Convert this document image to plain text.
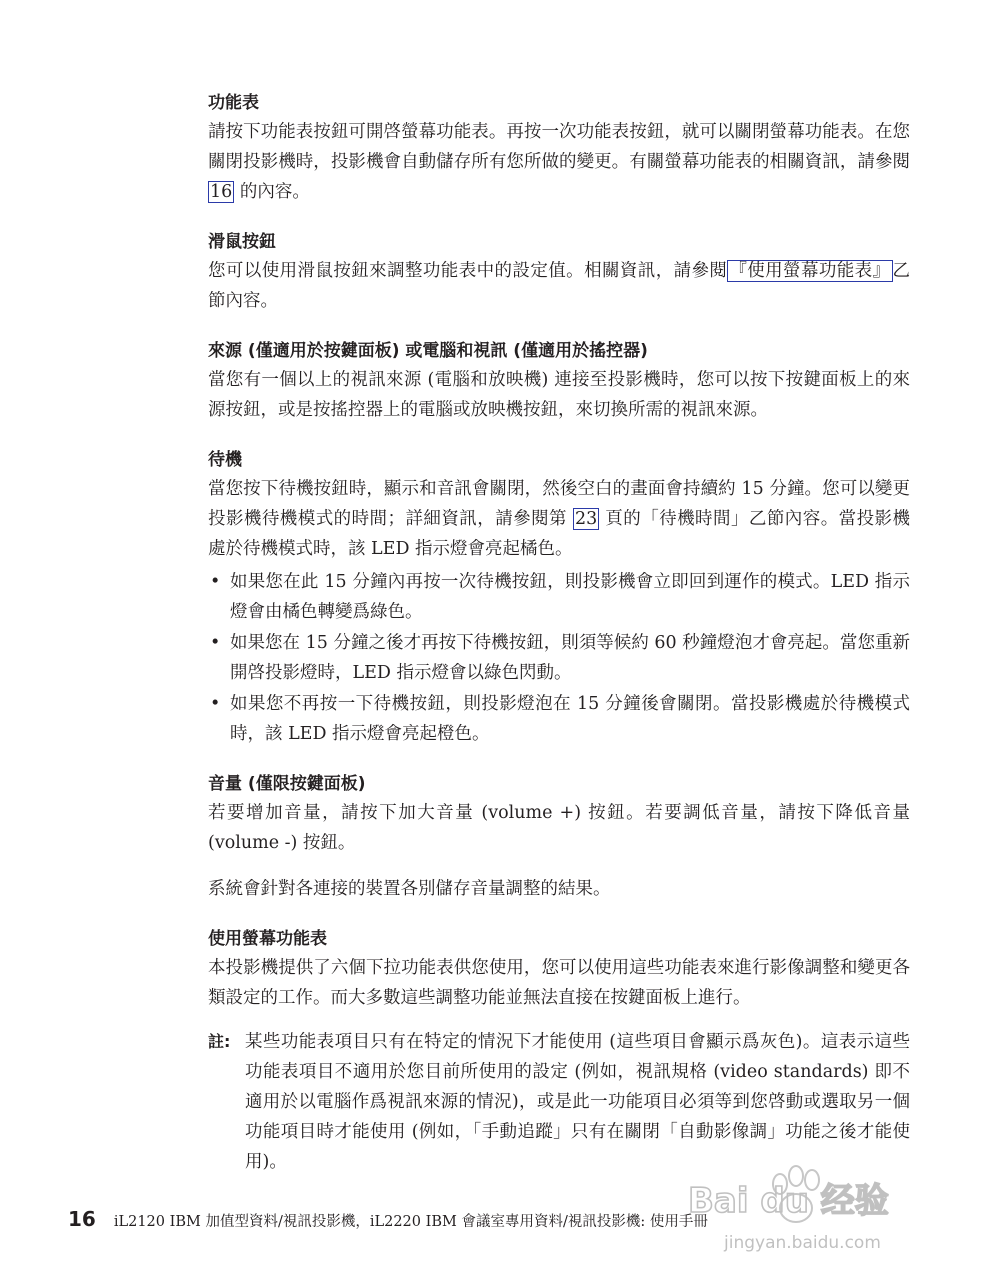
功能表

請按下功能表按鈕可開啓螢幕功能表。再按一次功能表按鈕，就可以關閉螢幕功能表。在您關閉投影機時，投影機會自動儲存所有您所做的變更。有關螢幕功能表的相關資訊，請參閱 16 的內容。

滑鼠按鈕

您可以使用滑鼠按鈕來調整功能表中的設定值。相關資訊，請參閱 『使用螢幕功能表』 乙節內容。

來源 (僅適用於按鍵面板) 或電腦和視訊 (僅適用於搖控器)

當您有一個以上的視訊來源 (電腦和放映機) 連接至投影機時，您可以按下按鍵面板上的來源按鈕，或是按搖控器上的電腦或放映機按鈕，來切換所需的視訊來源。

待機

當您按下待機按鈕時，顯示和音訊會關閉，然後空白的畫面會持續約 15 分鐘。您可以變更投影機待機模式的時間；詳細資訊，請參閱第 23 頁的「待機時間」乙節內容。當投影機處於待機模式時，該 LED 指示燈會亮起橘色。

• 如果您在此 15 分鐘內再按一次待機按鈕，則投影機會立即回到運作的模式。LED 指示燈會由橘色轉變爲綠色。
• 如果您在 15 分鐘之後才再按下待機按鈕，則須等候約 60 秒鐘燈泡才會亮起。當您重新開啓投影燈時，LED 指示燈會以綠色閃動。
• 如果您不再按一下待機按鈕，則投影燈泡在 15 分鐘後會關閉。當投影機處於待機模式時，該 LED 指示燈會亮起橙色。
音量 (僅限按鍵面板)

若要增加音量，請按下加大音量 (volume +) 按鈕。若要調低音量，請按下降低音量 (volume -) 按鈕。

系統會針對各連接的裝置各別儲存音量調整的結果。

使用螢幕功能表

本投影機提供了六個下拉功能表供您使用，您可以使用這些功能表來進行影像調整和變更各類設定的工作。而大多數這些調整功能並無法直接在按鍵面板上進行。

註: 某些功能表項目只有在特定的情況下才能使用 (這些項目會顯示爲灰色)。這表示這些功能表項目不適用於您目前所使用的設定 (例如，視訊規格 (video standards) 即不適用於以電腦作爲視訊來源的情況)，或是此一功能項目必須等到您啓動或選取另一個功能項目時才能使用 (例如，「手動追蹤」只有在關閉「自動影像調」功能之後才能使用)。

16 iL2120 IBM 加值型資料/視訊投影機，iL2220 IBM 會議室專用資料/視訊投影機: 使用手冊
Bai du 经验
jingyan.baidu.com
